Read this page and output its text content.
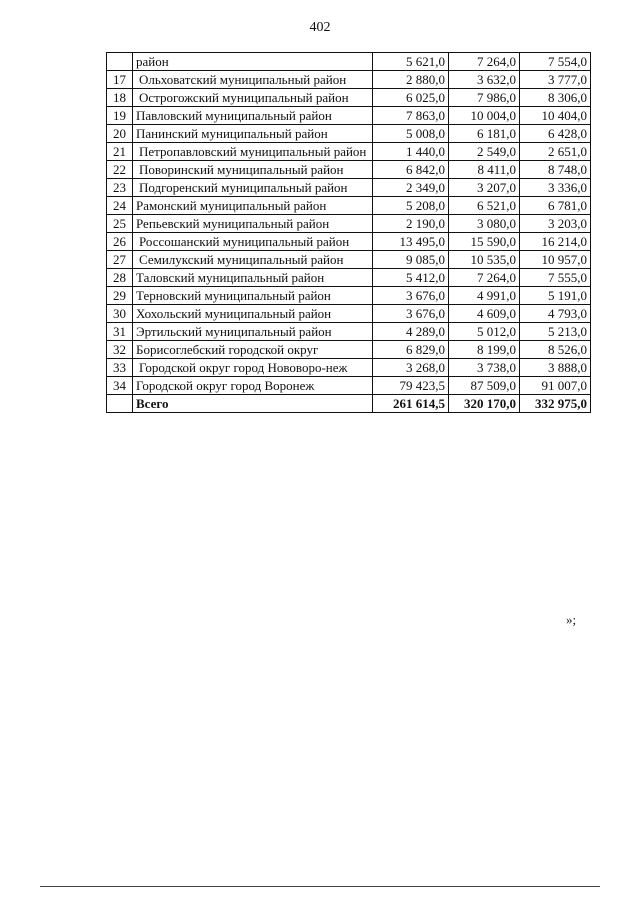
402
	район	5 621,0	7 264,0	7 554,0
17	Ольховатский муниципальный район	2 880,0	3 632,0	3 777,0
18	Острогожский муниципальный район	6 025,0	7 986,0	8 306,0
19	Павловский муниципальный район	7 863,0	10 004,0	10 404,0
20	Панинский муниципальный район	5 008,0	6 181,0	6 428,0
21	Петропавловский муниципальный район	1 440,0	2 549,0	2 651,0
22	Поворинский муниципальный район	6 842,0	8 411,0	8 748,0
23	Подгоренский муниципальный район	2 349,0	3 207,0	3 336,0
24	Рамонский муниципальный район	5 208,0	6 521,0	6 781,0
25	Репьевский муниципальный район	2 190,0	3 080,0	3 203,0
26	Россошанский муниципальный район	13 495,0	15 590,0	16 214,0
27	Семилукский муниципальный район	9 085,0	10 535,0	10 957,0
28	Таловский муниципальный район	5 412,0	7 264,0	7 555,0
29	Терновский муниципальный район	3 676,0	4 991,0	5 191,0
30	Хохольский муниципальный район	3 676,0	4 609,0	4 793,0
31	Эртильский муниципальный район	4 289,0	5 012,0	5 213,0
32	Борисоглебский городской округ	6 829,0	8 199,0	8 526,0
33	Городской округ город Нововоро-неж	3 268,0	3 738,0	3 888,0
34	Городской округ город Воронеж	79 423,5	87 509,0	91 007,0
	Всего	261 614,5	320 170,0	332 975,0
»;
